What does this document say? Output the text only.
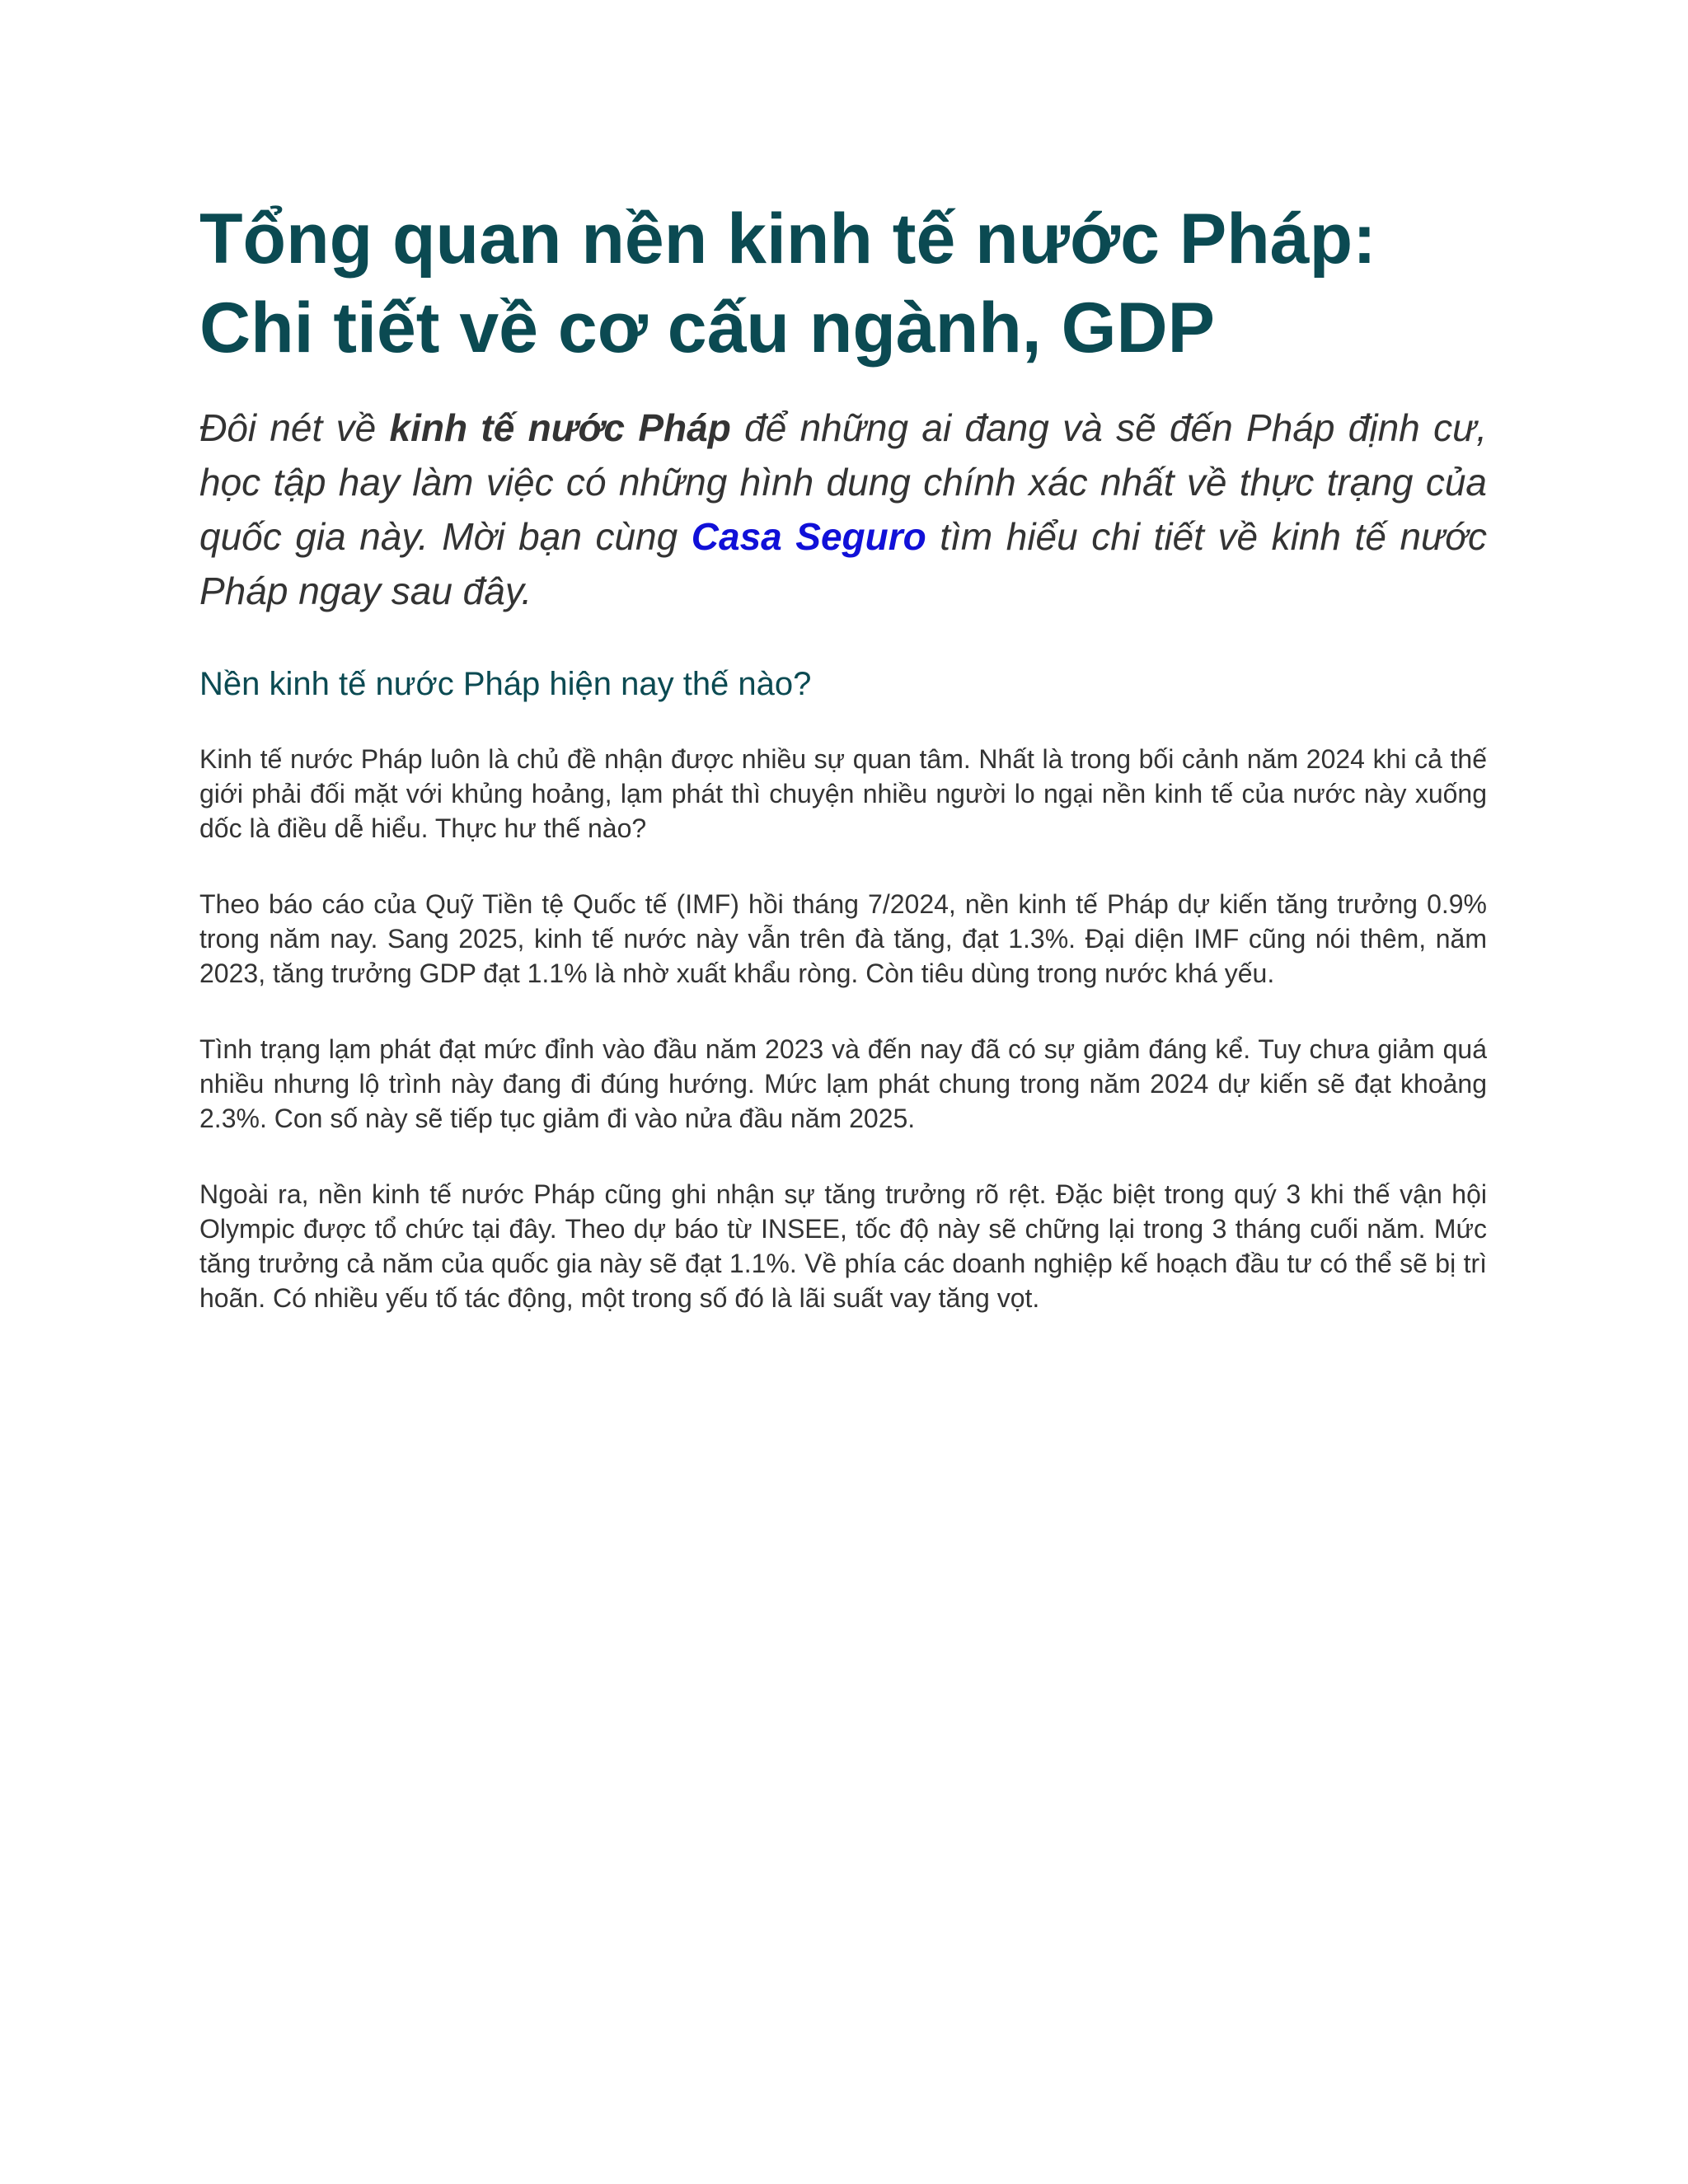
Tổng quan nền kinh tế nước Pháp:
Chi tiết về cơ cấu ngành, GDP

Đôi nét về kinh tế nước Pháp để những ai đang và sẽ đến Pháp định cư, học tập hay làm việc có những hình dung chính xác nhất về thực trạng của quốc gia này. Mời bạn cùng Casa Seguro tìm hiểu chi tiết về kinh tế nước Pháp ngay sau đây.

Nền kinh tế nước Pháp hiện nay thế nào?

Kinh tế nước Pháp luôn là chủ đề nhận được nhiều sự quan tâm. Nhất là trong bối cảnh năm 2024 khi cả thế giới phải đối mặt với khủng hoảng, lạm phát thì chuyện nhiều người lo ngại nền kinh tế của nước này xuống dốc là điều dễ hiểu. Thực hư thế nào?

Theo báo cáo của Quỹ Tiền tệ Quốc tế (IMF) hồi tháng 7/2024, nền kinh tế Pháp dự kiến tăng trưởng 0.9% trong năm nay. Sang 2025, kinh tế nước này vẫn trên đà tăng, đạt 1.3%. Đại diện IMF cũng nói thêm, năm 2023, tăng trưởng GDP đạt 1.1% là nhờ xuất khẩu ròng. Còn tiêu dùng trong nước khá yếu.

Tình trạng lạm phát đạt mức đỉnh vào đầu năm 2023 và đến nay đã có sự giảm đáng kể. Tuy chưa giảm quá nhiều nhưng lộ trình này đang đi đúng hướng. Mức lạm phát chung trong năm 2024 dự kiến sẽ đạt khoảng 2.3%. Con số này sẽ tiếp tục giảm đi vào nửa đầu năm 2025.

Ngoài ra, nền kinh tế nước Pháp cũng ghi nhận sự tăng trưởng rõ rệt. Đặc biệt trong quý 3 khi thế vận hội Olympic được tổ chức tại đây. Theo dự báo từ INSEE, tốc độ này sẽ chững lại trong 3 tháng cuối năm. Mức tăng trưởng cả năm của quốc gia này sẽ đạt 1.1%. Về phía các doanh nghiệp kế hoạch đầu tư có thể sẽ bị trì hoãn. Có nhiều yếu tố tác động, một trong số đó là lãi suất vay tăng vọt.
